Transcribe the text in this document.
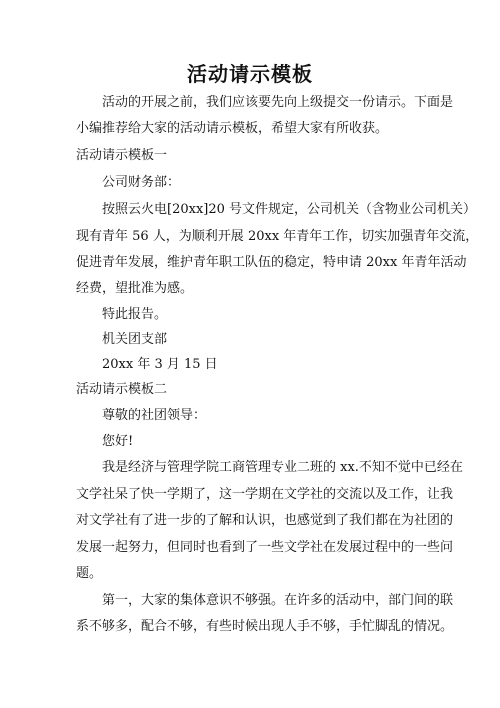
活动请示模板
活动的开展之前，我们应该要先向上级提交一份请示。下面是
小编推荐给大家的活动请示模板，希望大家有所收获。
活动请示模板一
公司财务部：
按照云火电[20xx]20 号文件规定，公司机关（含物业公司机关）
现有青年 56 人，为顺利开展 20xx 年青年工作，切实加强青年交流，
促进青年发展，维护青年职工队伍的稳定，特申请 20xx 年青年活动
经费，望批准为感。
特此报告。
机关团支部
20xx 年 3 月 15 日
活动请示模板二
尊敬的社团领导：
您好!
我是经济与管理学院工商管理专业二班的 xx.不知不觉中已经在
文学社呆了快一学期了，这一学期在文学社的交流以及工作，让我
对文学社有了进一步的了解和认识，也感觉到了我们都在为社团的
发展一起努力，但同时也看到了一些文学社在发展过程中的一些问
题。
第一，大家的集体意识不够强。在许多的活动中，部门间的联
系不够多，配合不够，有些时候出现人手不够，手忙脚乱的情况。
